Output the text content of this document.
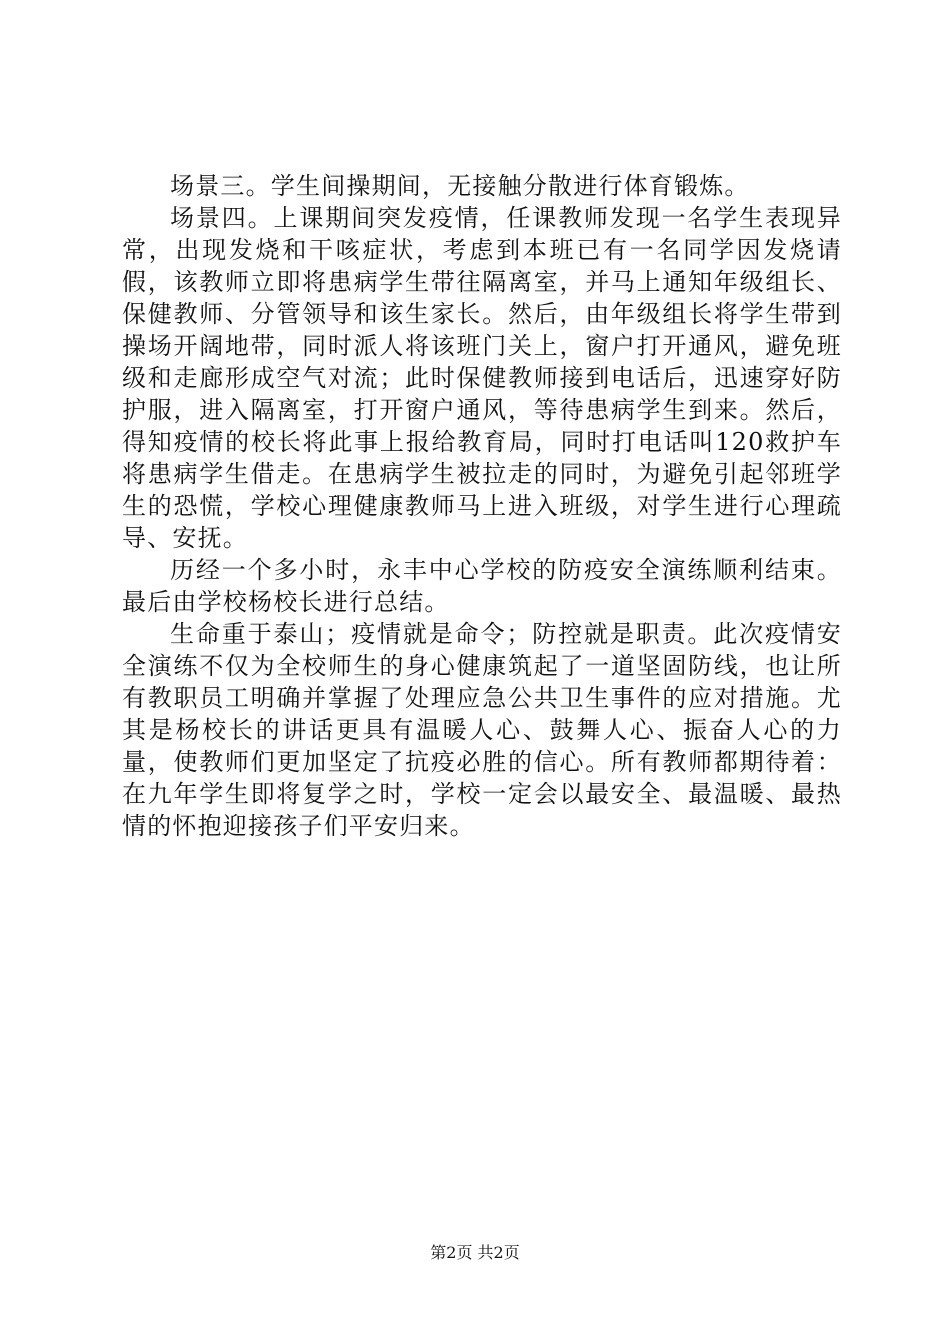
场景三。学生间操期间，无接触分散进行体育锻炼。

场景四。上课期间突发疫情，任课教师发现一名学生表现异常，出现发烧和干咳症状，考虑到本班已有一名同学因发烧请假，该教师立即将患病学生带往隔离室，并马上通知年级组长、保健教师、分管领导和该生家长。然后，由年级组长将学生带到操场开阔地带，同时派人将该班门关上，窗户打开通风，避免班级和走廊形成空气对流；此时保健教师接到电话后，迅速穿好防护服，进入隔离室，打开窗户通风，等待患病学生到来。然后，得知疫情的校长将此事上报给教育局，同时打电话叫120救护车将患病学生借走。在患病学生被拉走的同时，为避免引起邻班学生的恐慌，学校心理健康教师马上进入班级，对学生进行心理疏导、安抚。

历经一个多小时，永丰中心学校的防疫安全演练顺利结束。最后由学校杨校长进行总结。

生命重于泰山；疫情就是命令；防控就是职责。此次疫情安全演练不仅为全校师生的身心健康筑起了一道坚固防线，也让所有教职员工明确并掌握了处理应急公共卫生事件的应对措施。尤其是杨校长的讲话更具有温暖人心、鼓舞人心、振奋人心的力量，使教师们更加坚定了抗疫必胜的信心。所有教师都期待着：在九年学生即将复学之时，学校一定会以最安全、最温暖、最热情的怀抱迎接孩子们平安归来。

第2页 共2页
